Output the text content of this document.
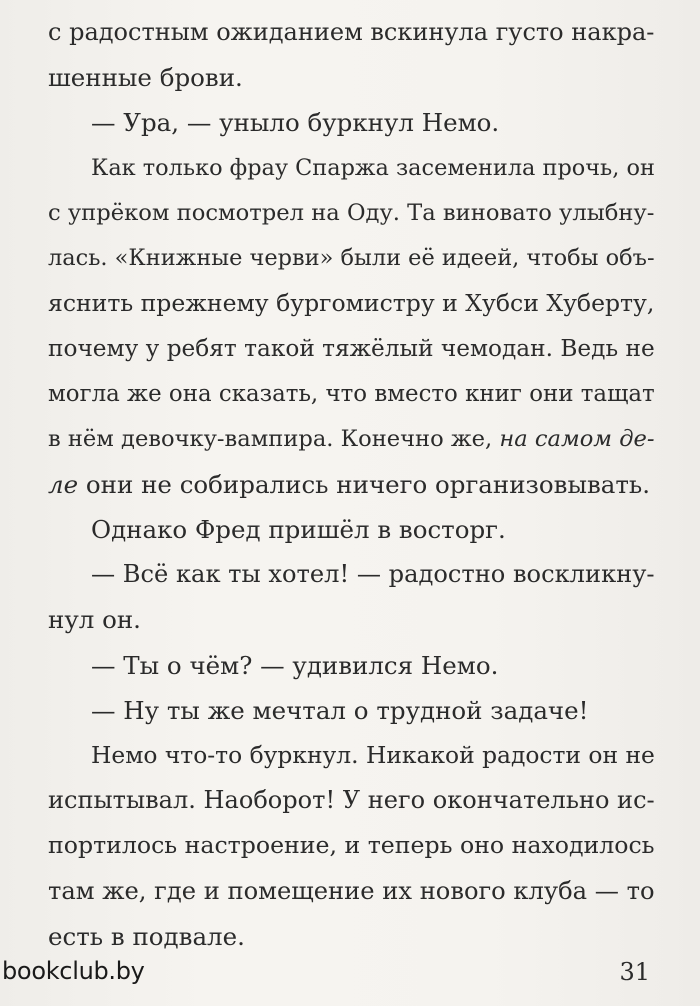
с радостным ожиданием вскинула густо накра-
шенные брови.
— Ура, — уныло буркнул Немо.
Как только фрау Спаржа засеменила прочь, он
с упрёком посмотрел на Оду. Та виновато улыбну-
лась. «Книжные черви» были её идеей, чтобы объ-
яснить прежнему бургомистру и Хубси Хуберту,
почему у ребят такой тяжёлый чемодан. Ведь не
могла же она сказать, что вместо книг они тащат
в нём девочку-вампира. Конечно же, на самом де-
ле они не собирались ничего организовывать.
Однако Фред пришёл в восторг.
— Всё как ты хотел! — радостно воскликну-
нул он.
— Ты о чём? — удивился Немо.
— Ну ты же мечтал о трудной задаче!
Немо что-то буркнул. Никакой радости он не
испытывал. Наоборот! У него окончательно ис-
портилось настроение, и теперь оно находилось
там же, где и помещение их нового клуба — то
есть в подвале.
bookclub.by	31
